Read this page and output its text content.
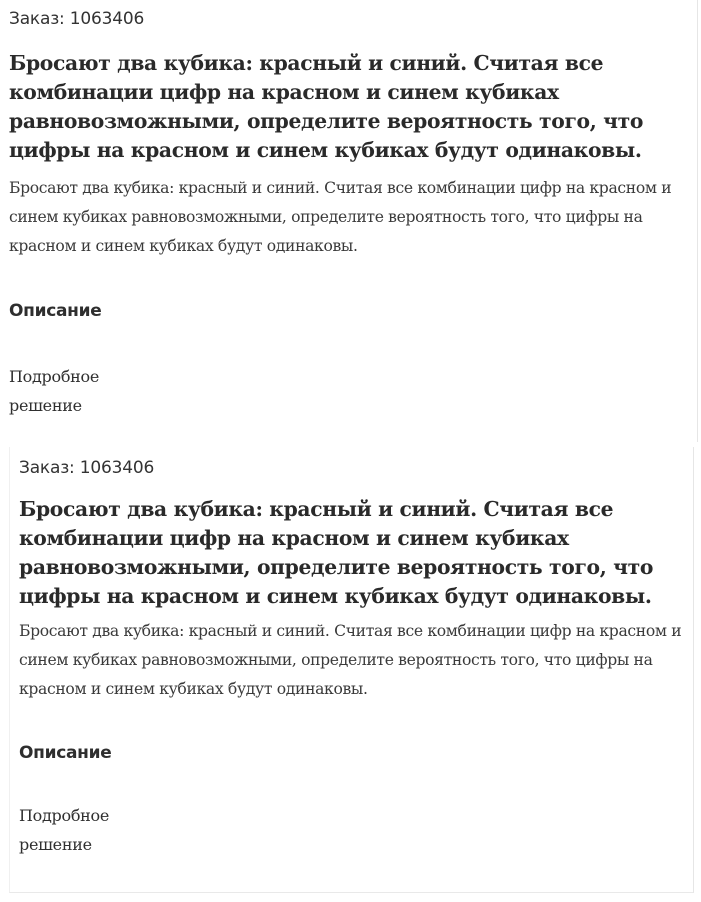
Заказ: 1063406
Бросают два кубика: красный и синий. Считая все комбинации цифр на красном и синем кубиках равновозможными, определите вероятность того, что цифры на красном и синем кубиках будут одинаковы.

Бросают два кубика: красный и синий. Считая все комбинации цифр на красном и синем кубиках равновозможными, определите вероятность того, что цифры на красном и синем кубиках будут одинаковы.

Описание
Подробное решение
Заказ: 1063406
Бросают два кубика: красный и синий. Считая все комбинации цифр на красном и синем кубиках равновозможными, определите вероятность того, что цифры на красном и синем кубиках будут одинаковы.

Бросают два кубика: красный и синий. Считая все комбинации цифр на красном и синем кубиках равновозможными, определите вероятность того, что цифры на красном и синем кубиках будут одинаковы.

Описание
Подробное решение
